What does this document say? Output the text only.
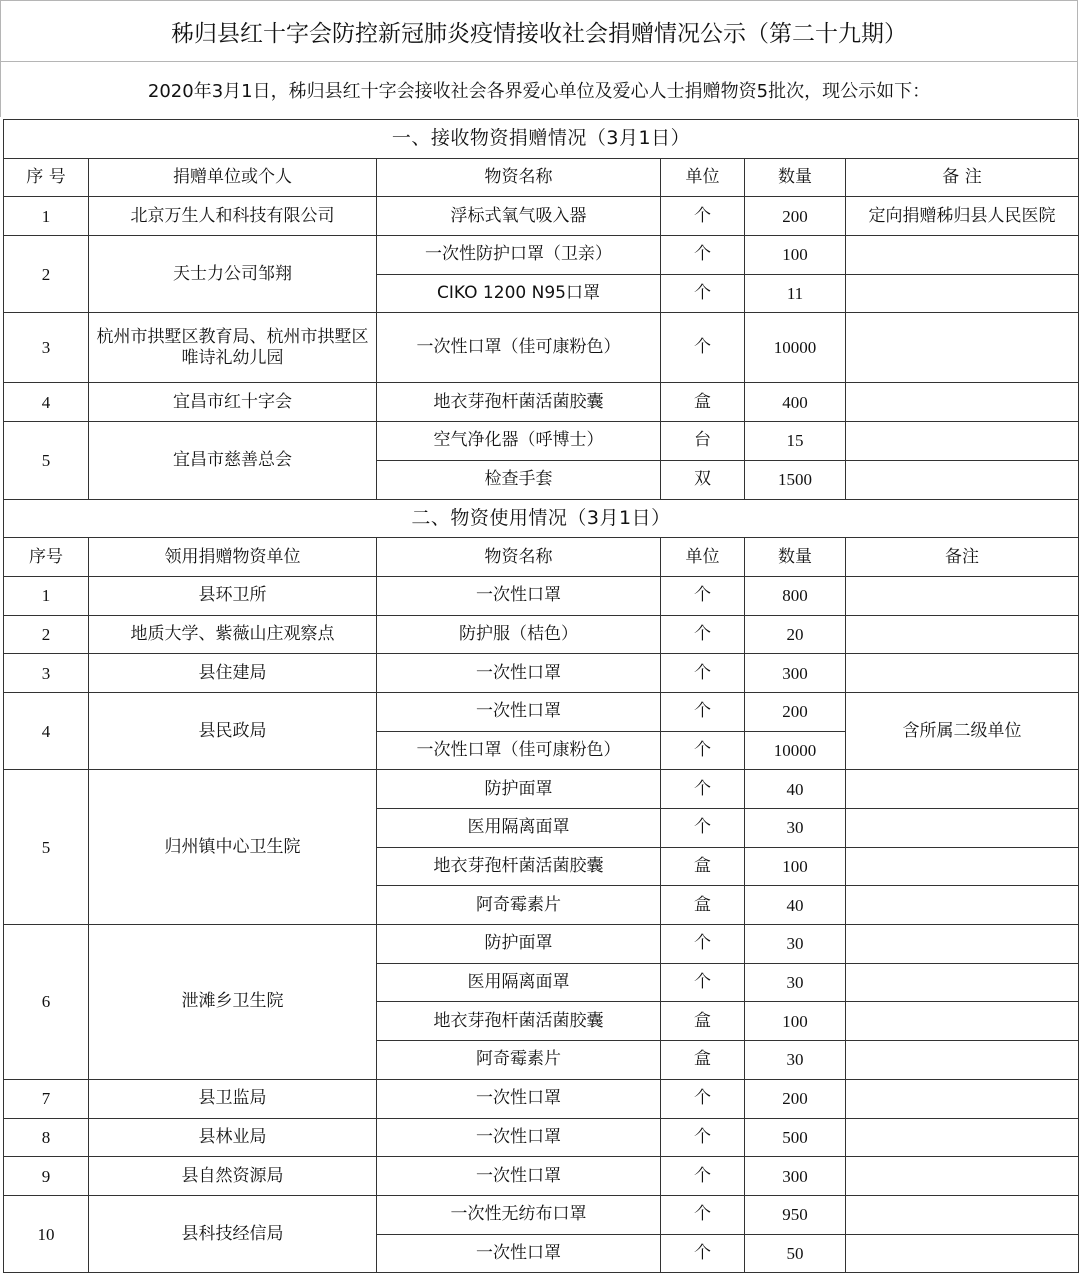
秭归县红十字会防控新冠肺炎疫情接收社会捐赠情况公示（第二十九期）
2020年3月1日，秭归县红十字会接收社会各界爱心单位及爱心人士捐赠物资5批次，现公示如下：
一、接收物资捐赠情况（3月1日）					
序 号	捐赠单位或个人	物资名称	单位	数量	备 注
1	北京万生人和科技有限公司	浮标式氧气吸入器	个	200	定向捐赠秭归县人民医院
2	天士力公司邹翔	一次性防护口罩（卫亲）	个	100	
		CIKO 1200 N95口罩	个	11	
3	杭州市拱墅区教育局、杭州市拱墅区唯诗礼幼儿园	一次性口罩（佳可康粉色）	个	10000	
4	宜昌市红十字会	地衣芽孢杆菌活菌胶囊	盒	400	
5	宜昌市慈善总会	空气净化器（呼博士）	台	15	
		检查手套	双	1500	
二、物资使用情况（3月1日）					
序号	领用捐赠物资单位	物资名称	单位	数量	备注
1	县环卫所	一次性口罩	个	800	
2	地质大学、紫薇山庄观察点	防护服（桔色）	个	20	
3	县住建局	一次性口罩	个	300	
4	县民政局	一次性口罩	个	200	含所属二级单位
		一次性口罩（佳可康粉色）	个	10000	
5	归州镇中心卫生院	防护面罩	个	40	
		医用隔离面罩	个	30	
		地衣芽孢杆菌活菌胶囊	盒	100	
		阿奇霉素片	盒	40	
6	泄滩乡卫生院	防护面罩	个	30	
		医用隔离面罩	个	30	
		地衣芽孢杆菌活菌胶囊	盒	100	
		阿奇霉素片	盒	30	
7	县卫监局	一次性口罩	个	200	
8	县林业局	一次性口罩	个	500	
9	县自然资源局	一次性口罩	个	300	
10	县科技经信局	一次性无纺布口罩	个	950	
		一次性口罩	个	50	
